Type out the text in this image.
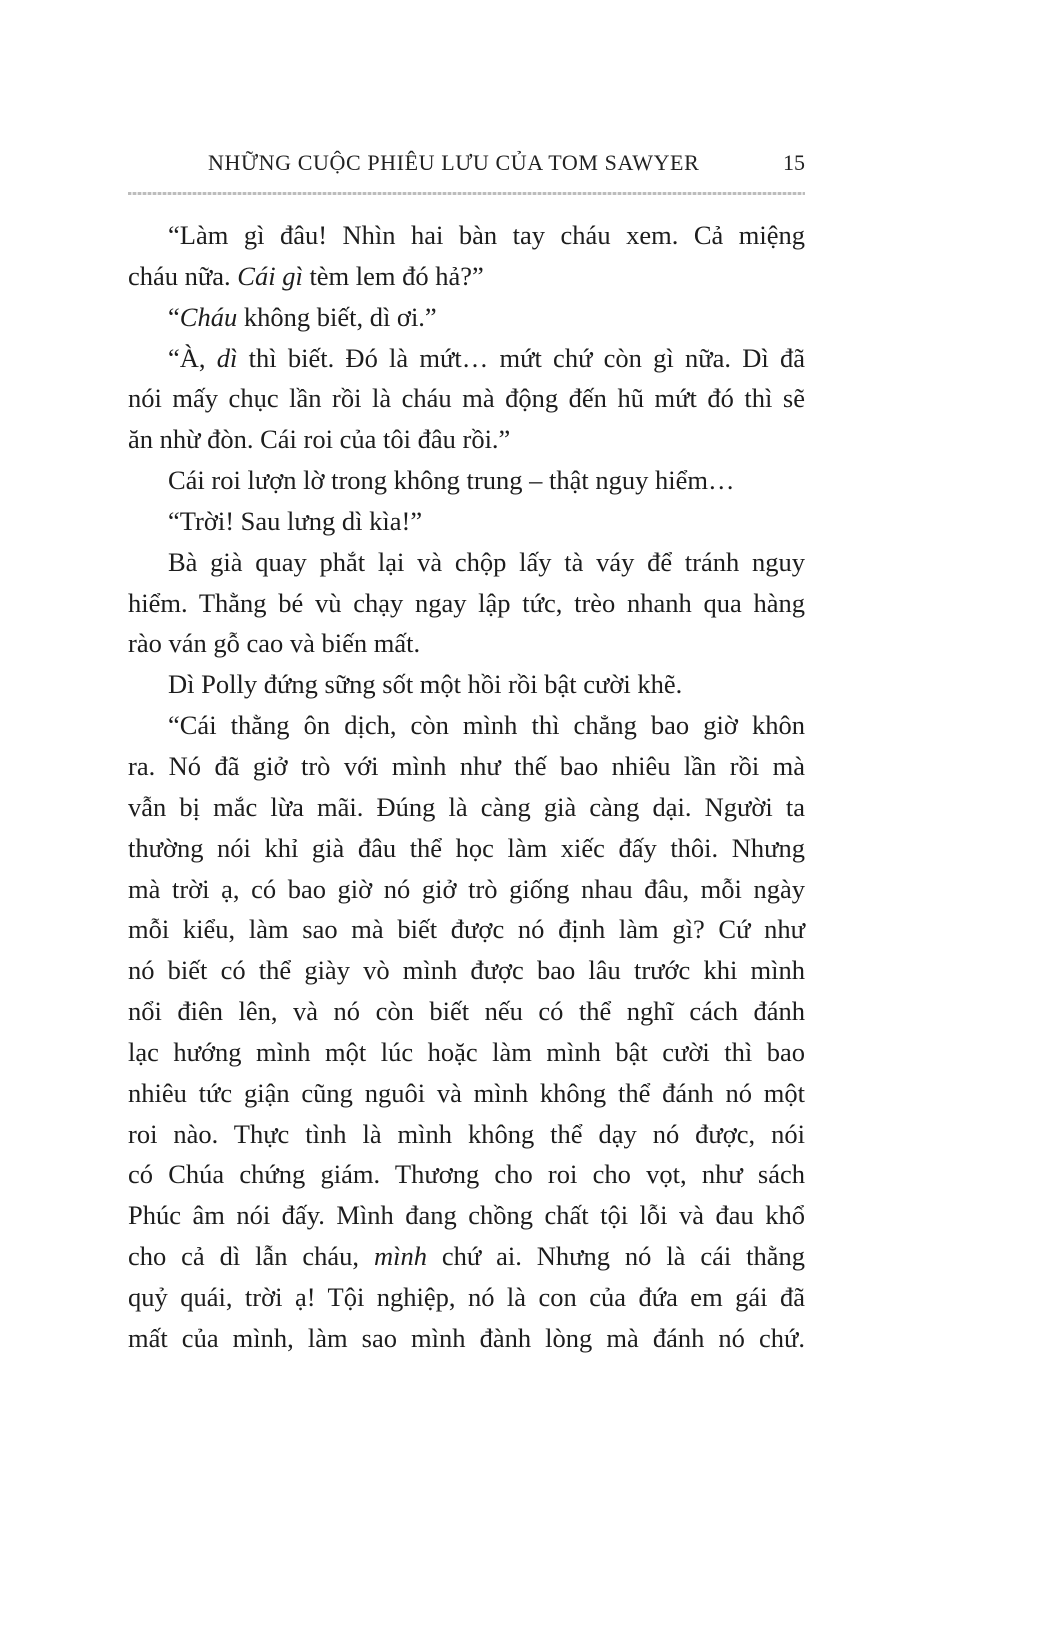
NHỮNG CUỘC PHIÊU LƯU CỦA TOM SAWYER	15
“Làm gì đâu! Nhìn hai bàn tay cháu xem. Cả miệng
cháu nữa. Cái gì tèm lem đó hả?”
“Cháu không biết, dì ơi.”
“À, dì thì biết. Đó là mứt… mứt chứ còn gì nữa. Dì đã
nói mấy chục lần rồi là cháu mà động đến hũ mứt đó thì sẽ
ăn nhừ đòn. Cái roi của tôi đâu rồi.”
Cái roi lượn lờ trong không trung – thật nguy hiểm…
“Trời! Sau lưng dì kìa!”
Bà già quay phắt lại và chộp lấy tà váy để tránh nguy
hiểm. Thằng bé vù chạy ngay lập tức, trèo nhanh qua hàng
rào ván gỗ cao và biến mất.
Dì Polly đứng sững sốt một hồi rồi bật cười khẽ.
“Cái thằng ôn dịch, còn mình thì chẳng bao giờ khôn
ra. Nó đã giở trò với mình như thế bao nhiêu lần rồi mà
vẫn bị mắc lừa mãi. Đúng là càng già càng dại. Người ta
thường nói khỉ già đâu thể học làm xiếc đấy thôi. Nhưng
mà trời ạ, có bao giờ nó giở trò giống nhau đâu, mỗi ngày
mỗi kiểu, làm sao mà biết được nó định làm gì? Cứ như
nó biết có thể giày vò mình được bao lâu trước khi mình
nổi điên lên, và nó còn biết nếu có thể nghĩ cách đánh
lạc hướng mình một lúc hoặc làm mình bật cười thì bao
nhiêu tức giận cũng nguôi và mình không thể đánh nó một
roi nào. Thực tình là mình không thể dạy nó được, nói
có Chúa chứng giám. Thương cho roi cho vọt, như sách
Phúc âm nói đấy. Mình đang chồng chất tội lỗi và đau khổ
cho cả dì lẫn cháu, mình chứ ai. Nhưng nó là cái thằng
quỷ quái, trời ạ! Tội nghiệp, nó là con của đứa em gái đã
mất của mình, làm sao mình đành lòng mà đánh nó chứ.
